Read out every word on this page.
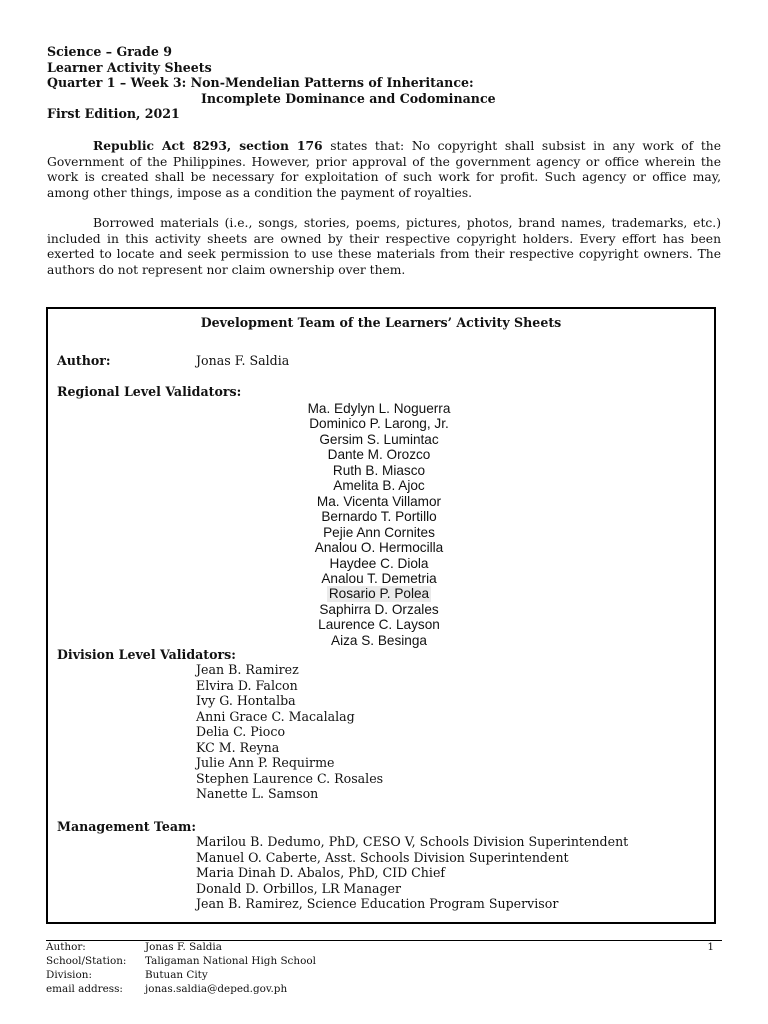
Science – Grade 9
Learner Activity Sheets
Quarter 1 – Week 3: Non-Mendelian Patterns of Inheritance:
Incomplete Dominance and Codominance
First Edition, 2021
Republic Act 8293, section 176 states that: No copyright shall subsist in any work of the Government of the Philippines. However, prior approval of the government agency or office wherein the work is created shall be necessary for exploitation of such work for profit. Such agency or office may, among other things, impose as a condition the payment of royalties.
Borrowed materials (i.e., songs, stories, poems, pictures, photos, brand names, trademarks, etc.) included in this activity sheets are owned by their respective copyright holders. Every effort has been exerted to locate and seek permission to use these materials from their respective copyright owners. The authors do not represent nor claim ownership over them.
Development Team of the Learners’ Activity Sheets
Author:	Jonas F. Saldia
Regional Level Validators:
Ma. Edylyn L. Noguerra
Dominico P. Larong, Jr.
Gersim S. Lumintac
Dante M. Orozco
Ruth B. Miasco
Amelita B. Ajoc
Ma. Vicenta Villamor
Bernardo T. Portillo
Pejie Ann Cornites
Analou O. Hermocilla
Haydee C. Diola
Analou T. Demetria
Rosario P. Polea
Saphirra D. Orzales
Laurence C. Layson
Aiza S. Besinga
Division Level Validators:
Jean B. Ramirez
Elvira D. Falcon
Ivy G. Hontalba
Anni Grace C. Macalalag
Delia C. Pioco
KC M. Reyna
Julie Ann P. Requirme
Stephen Laurence C. Rosales
Nanette L. Samson
Management Team:
Marilou B. Dedumo, PhD, CESO V, Schools Division Superintendent
Manuel O. Caberte, Asst. Schools Division Superintendent
Maria Dinah D. Abalos, PhD, CID Chief
Donald D. Orbillos, LR Manager
Jean B. Ramirez, Science Education Program Supervisor
1
Author:	Jonas F. Saldia
School/Station: Taligaman National High School
Division:	Butuan City
email address: jonas.saldia@deped.gov.ph
